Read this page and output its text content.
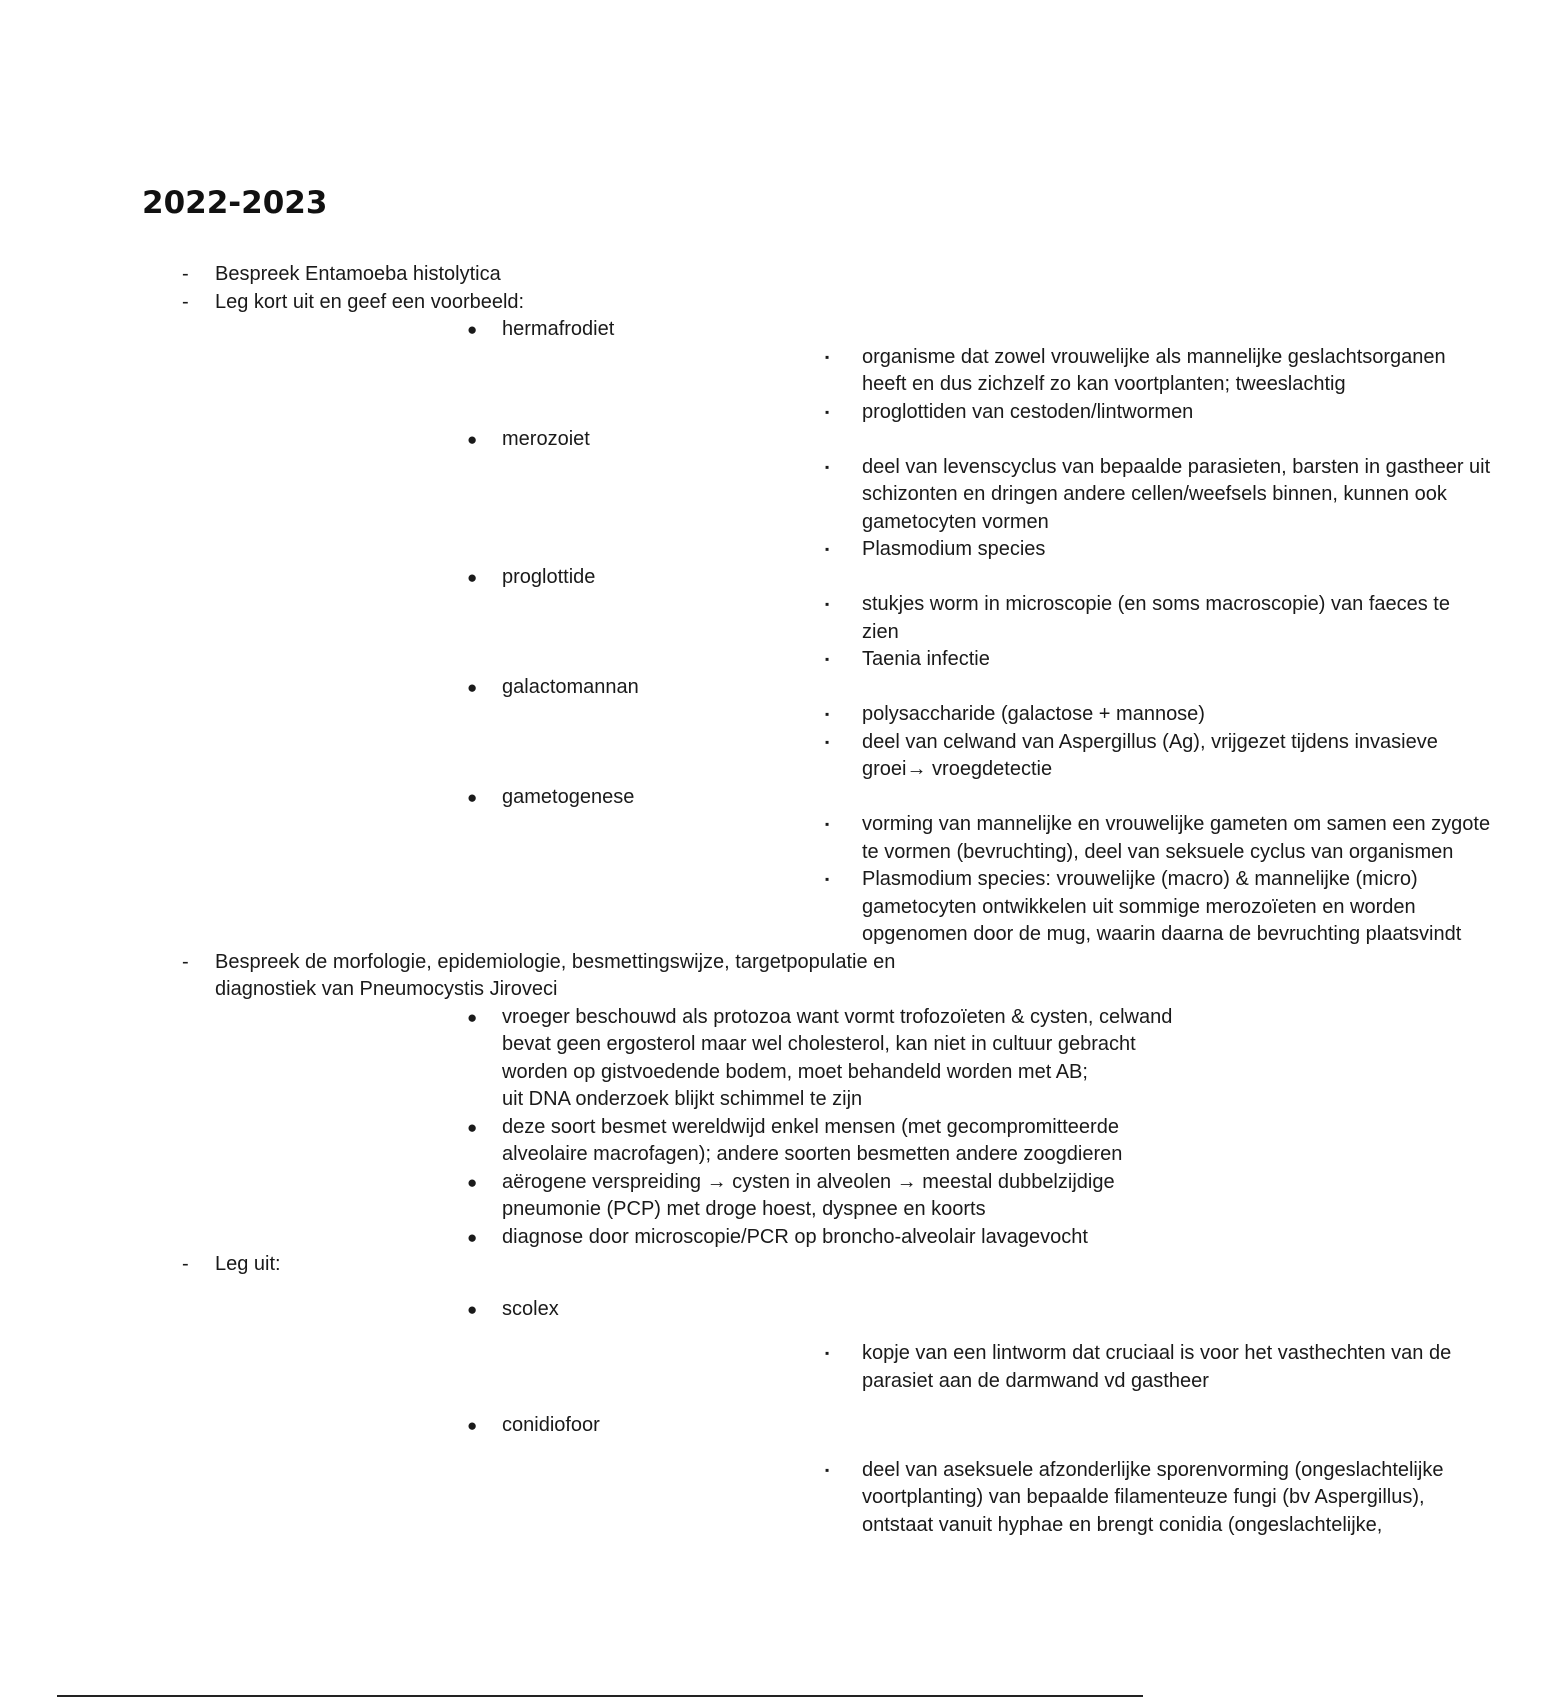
2022-2023
- Bespreek Entamoeba histolytica
- Leg kort uit en geef een voorbeeld:
● hermafrodiet
▪ organisme dat zowel vrouwelijke als mannelijke geslachtsorganen
heeft en dus zichzelf zo kan voortplanten; tweeslachtig
▪ proglottiden van cestoden/lintwormen
● merozoiet
▪ deel van levenscyclus van bepaalde parasieten, barsten in gastheer uit
schizonten en dringen andere cellen/weefsels binnen, kunnen ook
gametocyten vormen
▪ Plasmodium species
● proglottide
▪ stukjes worm in microscopie (en soms macroscopie) van faeces te
zien
▪ Taenia infectie
● galactomannan
▪ polysaccharide (galactose + mannose)
▪ deel van celwand van Aspergillus (Ag), vrijgezet tijdens invasieve
groei→ vroegdetectie
● gametogenese
▪ vorming van mannelijke en vrouwelijke gameten om samen een zygote
te vormen (bevruchting), deel van seksuele cyclus van organismen
▪ Plasmodium species: vrouwelijke (macro) & mannelijke (micro)
gametocyten ontwikkelen uit sommige merozoïeten en worden
opgenomen door de mug, waarin daarna de bevruchting plaatsvindt
- Bespreek de morfologie, epidemiologie, besmettingswijze, targetpopulatie en
diagnostiek van Pneumocystis Jiroveci
● vroeger beschouwd als protozoa want vormt trofozoïeten & cysten, celwand
bevat geen ergosterol maar wel cholesterol, kan niet in cultuur gebracht
worden op gistvoedende bodem, moet behandeld worden met AB;
uit DNA onderzoek blijkt schimmel te zijn
● deze soort besmet wereldwijd enkel mensen (met gecompromitteerde
alveolaire macrofagen); andere soorten besmetten andere zoogdieren
● aërogene verspreiding → cysten in alveolen → meestal dubbelzijdige
pneumonie (PCP) met droge hoest, dyspnee en koorts
● diagnose door microscopie/PCR op broncho-alveolair lavagevocht
- Leg uit:
● scolex
▪ kopje van een lintworm dat cruciaal is voor het vasthechten van de
parasiet aan de darmwand vd gastheer
● conidiofoor
▪ deel van aseksuele afzonderlijke sporenvorming (ongeslachtelijke
voortplanting) van bepaalde filamenteuze fungi (bv Aspergillus),
ontstaat vanuit hyphae en brengt conidia (ongeslachtelijke,
